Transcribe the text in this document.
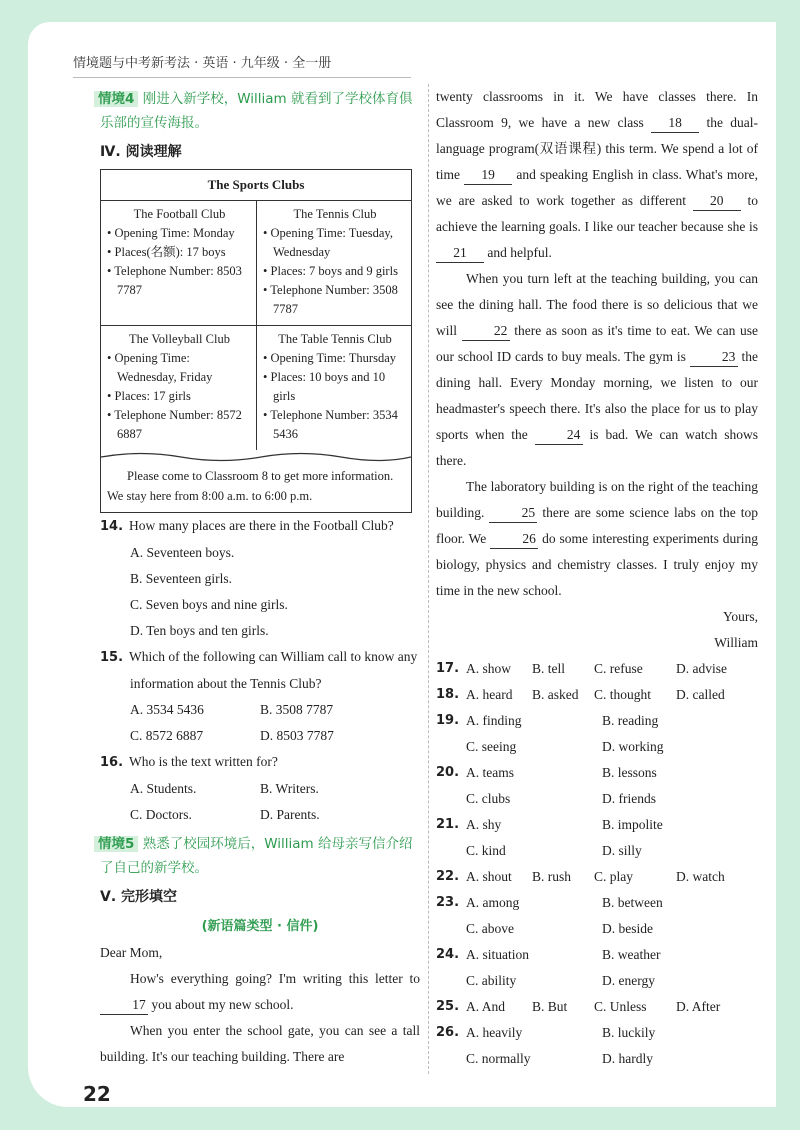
情境题与中考新考法 · 英语 · 九年级 · 全一册
情境4 刚进入新学校，William 就看到了学校体育俱乐部的宣传海报。
Ⅳ. 阅读理解
The Sports Clubs
The Football Club
• Opening Time: Monday
• Places(名额): 17 boys
• Telephone Number: 8503 7787
The Tennis Club
• Opening Time: Tuesday, Wednesday
• Places: 7 boys and 9 girls
• Telephone Number: 3508 7787
The Volleyball Club
• Opening Time: Wednesday, Friday
• Places: 17 girls
• Telephone Number: 8572 6887
The Table Tennis Club
• Opening Time: Thursday
• Places: 10 boys and 10 girls
• Telephone Number: 3534 5436
Please come to Classroom 8 to get more information. We stay here from 8:00 a.m. to 6:00 p.m.
14. How many places are there in the Football Club?
A. Seventeen boys.
B. Seventeen girls.
C. Seven boys and nine girls.
D. Ten boys and ten girls.
15. Which of the following can William call to know any information about the Tennis Club?
A. 3534 5436	B. 3508 7787
C. 8572 6887	D. 8503 7787
16. Who is the text written for?
A. Students.	B. Writers.
C. Doctors.	D. Parents.
情境5 熟悉了校园环境后，William 给母亲写信介绍了自己的新学校。
Ⅴ. 完形填空
(新语篇类型 · 信件)
Dear Mom,
How's everything going? I'm writing this letter to 17 you about my new school.
When you enter the school gate, you can see a tall building. It's our teaching building. There are
twenty classrooms in it. We have classes there. In Classroom 9, we have a new class 18 the dual-language program(双语课程) this term. We spend a lot of time 19 and speaking English in class. What's more, we are asked to work together as different 20 to achieve the learning goals. I like our teacher because she is 21 and helpful.
When you turn left at the teaching building, you can see the dining hall. The food there is so delicious that we will	22 there as soon as it's time to eat. We can use our school ID cards to buy meals. The gym is	23 the dining hall. Every Monday morning, we listen to our headmaster's speech there. It's also the place for us to play sports when the	24 is bad. We can watch shows there.
The laboratory building is on the right of the teaching building.	25 there are some science labs on the top floor. We	26 do some interesting experiments during biology, physics and chemistry classes. I truly enjoy my time in the new school.
Yours,
William
17. A. show	B. tell	C. refuse	D. advise
18. A. heard	B. asked	C. thought	D. called
19. A. finding	B. reading
C. seeing	D. working
20. A. teams	B. lessons
C. clubs	D. friends
21. A. shy	B. impolite
C. kind	D. silly
22. A. shout	B. rush	C. play	D. watch
23. A. among	B. between
C. above	D. beside
24. A. situation	B. weather
C. ability	D. energy
25. A. And	B. But	C. Unless	D. After
26. A. heavily	B. luckily
C. normally	D. hardly
22
